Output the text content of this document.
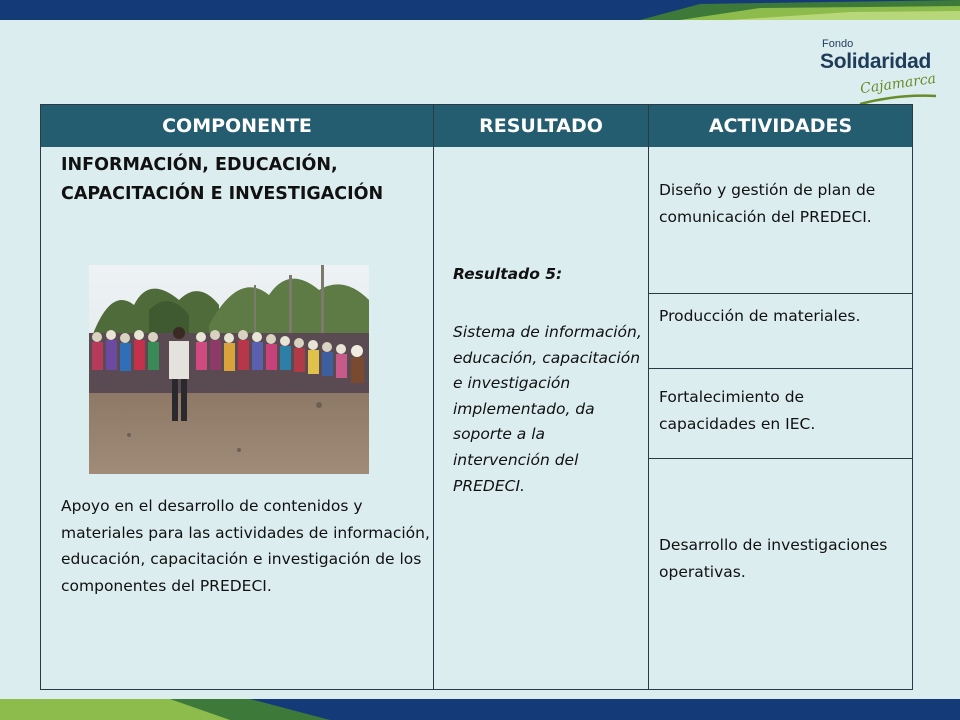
Fondo
Solidaridad
Cajamarca
COMPONENTE	RESULTADO	ACTIVIDADES
INFORMACIÓN, EDUCACIÓN,
CAPACITACIÓN E INVESTIGACIÓN
Apoyo en el desarrollo de contenidos y materiales para las actividades de información, educación, capacitación e investigación de los componentes del PREDECI.
Resultado 5:
Sistema de información, educación, capacitación e investigación implementado, da soporte a la intervención del PREDECI.
Diseño y gestión de plan de comunicación del PREDECI.
Producción de materiales.
Fortalecimiento de capacidades en IEC.
Desarrollo de investigaciones operativas.
